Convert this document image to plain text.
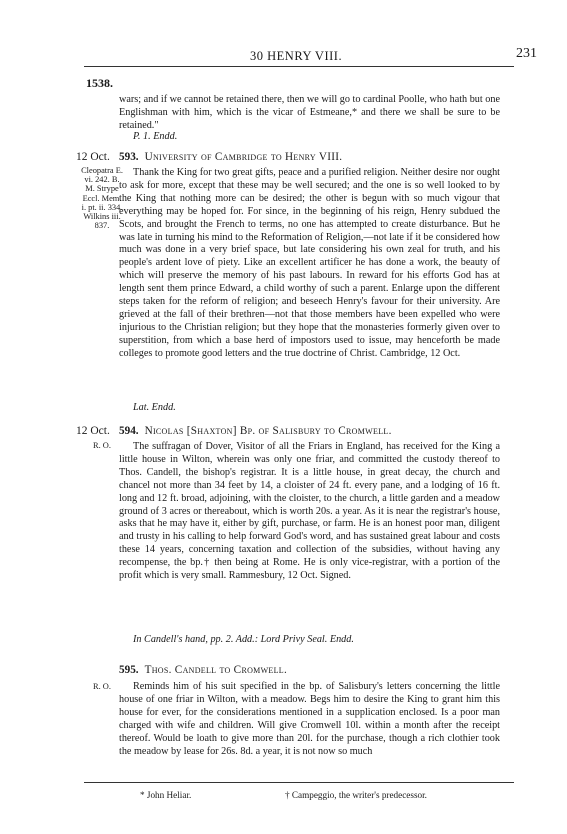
30 HENRY VIII.	231
1538.

wars; and if we cannot be retained there, then we will go to cardinal Poolle, who hath but one Englishman with him, which is the vicar of Estmeane,* and there we shall be sure to be retained."

P. 1. Endd.
12 Oct. 593. University of Cambridge to Henry VIII.
Cleopatra E. vi. 242. B. M. Strype Eccl. Mem. i. pt. ii. 334. Wilkins iii. 837.

Thank the King for two great gifts, peace and a purified religion. Neither desire nor ought to ask for more, except that these may be well secured; and the one is so well looked to by the King that nothing more can be desired; the other is begun with so much vigour that everything may be hoped for. For since, in the beginning of his reign, Henry subdued the Scots, and brought the French to terms, no one has attempted to create disturbance. But he was late in turning his mind to the Reformation of Religion,—not late if it be considered how much was done in a very brief space, but late considering his own zeal for truth, and his people's ardent love of piety. Like an excellent artificer he has done a work, the beauty of which will preserve the memory of his past labours. In reward for his efforts God has at length sent them prince Edward, a child worthy of such a parent. Enlarge upon the different steps taken for the reform of religion; and beseech Henry's favour for their university. Are grieved at the fall of their brethren—not that those members have been expelled who were injurious to the Christian religion; but they hope that the monasteries formerly given over to superstition, from which a base herd of impostors used to issue, may henceforth be made colleges to promote good letters and the true doctrine of Christ. Cambridge, 12 Oct.

Lat. Endd.
12 Oct. 594. Nicolas [Shaxton] Bp. of Salisbury to Cromwell.
R. O.	The suffragan of Dover, Visitor of all the Friars in England, has received for the King a little house in Wilton, wherein was only one friar, and committed the custody thereof to Thos. Candell, the bishop's registrar. It is a little house, in great decay, the church and chancel not more than 34 feet by 14, a cloister of 24 ft. every pane, and a lodging of 16 ft. long and 12 ft. broad, adjoining, with the cloister, to the church, a little garden and a meadow ground of 3 acres or thereabout, which is worth 20s. a year. As it is near the registrar's house, asks that he may have it, either by gift, purchase, or farm. He is an honest poor man, diligent and trusty in his calling to help forward God's word, and has sustained great labour and costs these 14 years, concerning taxation and collection of the subsidies, without having any recompense, the bp.† then being at Rome. He is only vice-registrar, with a portion of the profit which is very small. Rammesbury, 12 Oct. Signed.

In Candell's hand, pp. 2. Add.: Lord Privy Seal. Endd.
595. Thos. Candell to Cromwell.
R. O.	Reminds him of his suit specified in the bp. of Salisbury's letters concerning the little house of one friar in Wilton, with a meadow. Begs him to desire the King to grant him this house for ever, for the considerations mentioned in a supplication enclosed. Is a poor man charged with wife and children. Will give Cromwell 10l. within a month after the receipt thereof. Would be loath to give more than 20l. for the purchase, though a rich clothier took the meadow by lease for 26s. 8d. a year, it is not now so much

* John Heliar.	† Campeggio, the writer's predecessor.
